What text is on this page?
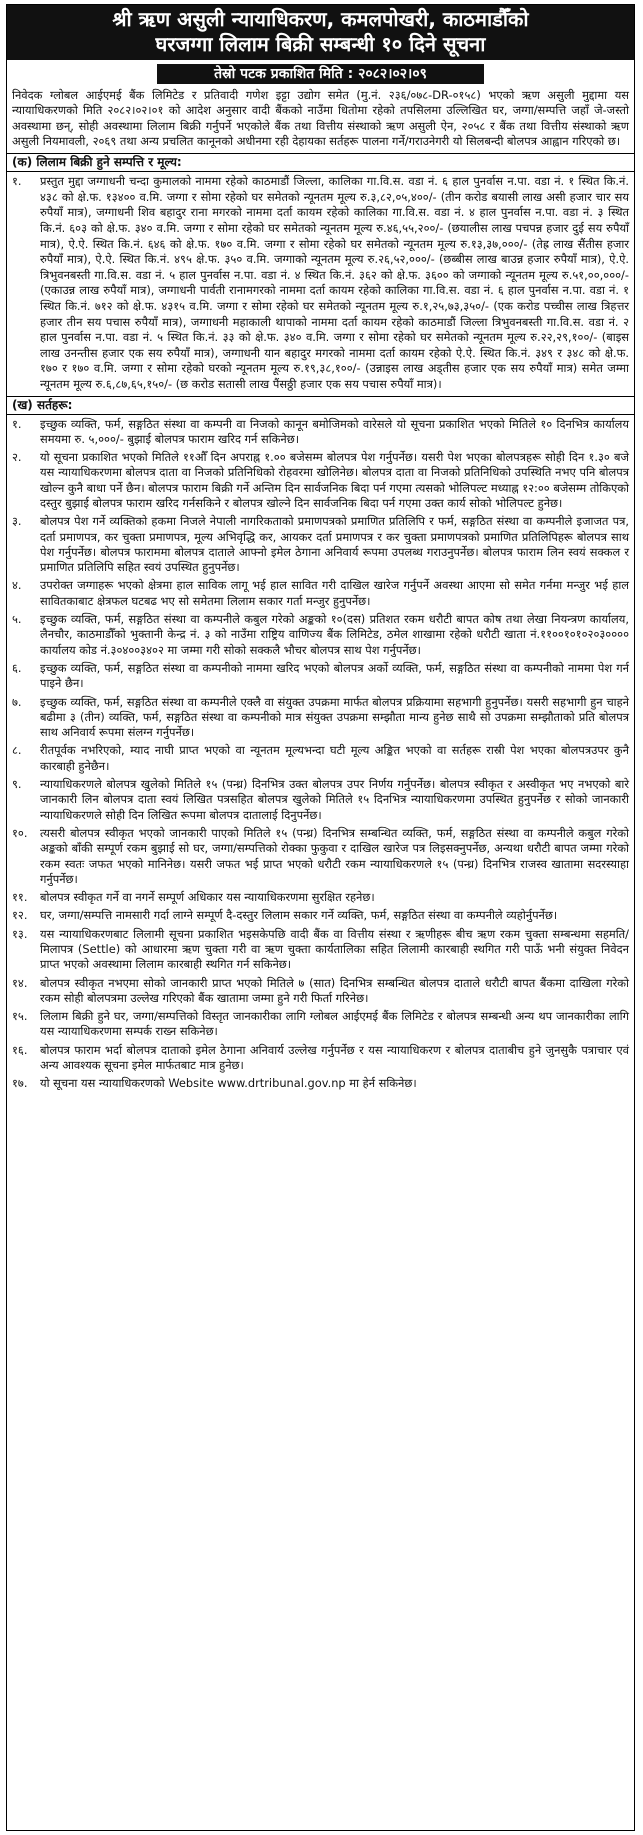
श्री ऋण असुली न्यायाधिकरण, कमलपोखरी, काठमाडौँको
घरजग्गा लिलाम बिक्री सम्बन्धी १० दिने सूचना
तेस्रो पटक प्रकाशित मिति : २०८२।०२।०९
निवेदक ग्लोबल आईएमई बैंक लिमिटेड र प्रतिवादी गणेश इट्टा उद्योग समेत (मु.नं. २३६/०७८-DR-०१५८) भएको ऋण असुली मुद्दामा यस न्यायाधिकरणको मिति २०८२।०२।०१ को आदेश अनुसार वादी बैंकको नाउँमा धितोमा रहेको तपसिलमा उल्लिखित घर, जग्गा/सम्पत्ति जहाँ जे-जस्तो अवस्थामा छन्, सोही अवस्थामा लिलाम बिक्री गर्नुपर्ने भएकोले बैंक तथा वित्तीय संस्थाको ऋण असुली ऐन, २०५८ र बैंक तथा वित्तीय संस्थाको ऋण असुली नियमावली, २०६९ तथा अन्य प्रचलित कानूनको अधीनमा रही देहायका सर्तहरू पालना गर्ने/गराउनेगरी यो सिलबन्दी बोलपत्र आह्वान गरिएको छ।
(क) लिलाम बिक्री हुने सम्पत्ति र मूल्य:
१.	प्रस्तुत मुद्दा जग्गाधनी चन्दा कुमालको नाममा रहेको काठमाडौं जिल्ला, कालिका गा.वि.स. वडा नं. ६ हाल पुनर्वास न.पा. वडा नं. १ स्थित कि.नं. ४३८ को क्षे.फ. १३४०० व.मि. जग्गा र सोमा रहेको घर समेतको न्यूनतम मूल्य रु.३,८२,०५,४००/- (तीन करोड बयासी लाख असी हजार चार सय रुपैयाँ मात्र), जग्गाधनी शिव बहादुर राना मगरको नाममा दर्ता कायम रहेको कालिका गा.वि.स. वडा नं. ४ हाल पुनर्वास न.पा. वडा नं. ३ स्थित कि.नं. ६०३ को क्षे.फ. ३४० व.मि. जग्गा र सोमा रहेको घर समेतको न्यूनतम मूल्य रु.४६,५५,२००/- (छयालीस लाख पचपन्न हजार दुई सय रुपैयाँ मात्र), ऐ.ऐ. स्थित कि.नं. ६४६ को क्षे.फ. १७० व.मि. जग्गा र सोमा रहेको घर समेतको न्यूनतम मूल्य रु.१३,३७,०००/- (तेह्र लाख सैंतीस हजार रुपैयाँ मात्र), ऐ.ऐ. स्थित कि.नं. ४९५ क्षे.फ. ३५० व.मि. जग्गाको न्यूनतम मूल्य रु.२६,५२,०००/- (छब्बीस लाख बाउन्न हजार रुपैयाँ मात्र), ऐ.ऐ. त्रिभुवनबस्ती गा.वि.स. वडा नं. ५ हाल पुनर्वास न.पा. वडा नं. ४ स्थित कि.नं. ३६२ को क्षे.फ. ३६०० को जग्गाको न्यूनतम मूल्य रु.५१,००,०००/- (एकाउन्न लाख रुपैयाँ मात्र), जग्गाधनी पार्वती रानामगरको नाममा दर्ता कायम रहेको कालिका गा.वि.स. वडा नं. ६ हाल पुनर्वास न.पा. वडा नं. १ स्थित कि.नं. ७१२ को क्षे.फ. ४३१५ व.मि. जग्गा र सोमा रहेको घर समेतको न्यूनतम मूल्य रु.१,२५,७३,३५०/- (एक करोड पच्चीस लाख त्रिहत्तर हजार तीन सय पचास रुपैयाँ मात्र), जग्गाधनी महाकाली थापाको नाममा दर्ता कायम रहेको काठमाडौं जिल्ला त्रिभुवनबस्ती गा.वि.स. वडा नं. २ हाल पुनर्वास न.पा. वडा नं. ५ स्थित कि.नं. ३३ को क्षे.फ. ३४० व.मि. जग्गा र सोमा रहेको घर समेतको न्यूनतम मूल्य रु.२२,२९,१००/- (बाइस लाख उनन्तीस हजार एक सय रुपैयाँ मात्र), जग्गाधनी यान बहादुर मगरको नाममा दर्ता कायम रहेको ऐ.ऐ. स्थित कि.नं. ३४९ र ३४८ को क्षे.फ. १७० र १७० व.मि. जग्गा र सोमा रहेको घरको न्यूनतम मूल्य रु.१९,३८,१००/- (उन्नाइस लाख अड्तीस हजार एक सय रुपैयाँ मात्र) समेत जम्मा न्यूनतम मूल्य रु.६,८७,६५,१५०/- (छ करोड सतासी लाख पैंसठ्ठी हजार एक सय पचास रुपैयाँ मात्र)।
(ख) सर्तहरू:
१.	इच्छुक व्यक्ति, फर्म, सङ्गठित संस्था वा कम्पनी वा निजको कानून बमोजिमको वारेसले यो सूचना प्रकाशित भएको मितिले १० दिनभित्र कार्यालय समयमा रु. ५,०००/- बुझाई बोलपत्र फाराम खरिद गर्न सकिनेछ।
२.	यो सूचना प्रकाशित भएको मितिले ११औँ दिन अपराह्न १.०० बजेसम्म बोलपत्र पेश गर्नुपर्नेछ। यसरी पेश भएका बोलपत्रहरू सोही दिन १.३० बजे यस न्यायाधिकरणमा बोलपत्र दाता वा निजको प्रतिनिधिको रोहवरमा खोलिनेछ। बोलपत्र दाता वा निजको प्रतिनिधिको उपस्थिति नभए पनि बोलपत्र खोल्न कुनै बाधा पर्ने छैन। बोलपत्र फाराम बिक्री गर्ने अन्तिम दिन सार्वजनिक बिदा पर्न गएमा त्यसको भोलिपल्ट मध्याह्न १२:०० बजेसम्म तोकिएको दस्तुर बुझाई बोलपत्र फाराम खरिद गर्नसकिने र बोलपत्र खोल्ने दिन सार्वजनिक बिदा पर्न गएमा उक्त कार्य सोको भोलिपल्ट हुनेछ।
३.	बोलपत्र पेश गर्ने व्यक्तिको हकमा निजले नेपाली नागरिकताको प्रमाणपत्रको प्रमाणित प्रतिलिपि र फर्म, सङ्गठित संस्था वा कम्पनीले इजाजत पत्र, दर्ता प्रमाणपत्र, कर चुक्ता प्रमाणपत्र, मूल्य अभिवृद्धि कर, आयकर दर्ता प्रमाणपत्र र कर चुक्ता प्रमाणपत्रको प्रमाणित प्रतिलिपिहरू बोलपत्र साथ पेश गर्नुपर्नेछ। बोलपत्र फाराममा बोलपत्र दाताले आफ्नो इमेल ठेगाना अनिवार्य रूपमा उपलब्ध गराउनुपर्नेछ। बोलपत्र फाराम लिन स्वयं सक्कल र प्रमाणित प्रतिलिपि सहित स्वयं उपस्थित हुनुपर्नेछ।
४.	उपरोक्त जग्गाहरू भएको क्षेत्रमा हाल साविक लागू भई हाल सावित गरी दाखिल खारेज गर्नुपर्ने अवस्था आएमा सो समेत गर्नमा मन्जुर भई हाल सावितकाबाट क्षेत्रफल घटबढ भए सो समेतमा लिलाम सकार गर्ता मन्जुर हुनुपर्नेछ।
५.	इच्छुक व्यक्ति, फर्म, सङ्गठित संस्था वा कम्पनीले कबुल गरेको अङ्कको १०(दस) प्रतिशत रकम धरौटी बापत कोष तथा लेखा नियन्त्रण कार्यालय, लैनचौर, काठमाडौँको भुक्तानी केन्द्र नं. ३ को नाउँमा राष्ट्रिय वाणिज्य बैंक लिमिटेड, ठमेल शाखामा रहेको धरौटी खाता नं.११००१०१०२०३०००० कार्यालय कोड नं.३०४००३४०२ मा जम्मा गरी सोको सक्कलै भौचर बोलपत्र साथ पेश गर्नुपर्नेछ।
६.	इच्छुक व्यक्ति, फर्म, सङ्गठित संस्था वा कम्पनीको नाममा खरिद भएको बोलपत्र अर्को व्यक्ति, फर्म, सङ्गठित संस्था वा कम्पनीको नाममा पेश गर्न पाइने छैन।
७.	इच्छुक व्यक्ति, फर्म, सङ्गठित संस्था वा कम्पनीले एक्लै वा संयुक्त उपक्रमा मार्फत बोलपत्र प्रक्रियामा सहभागी हुनुपर्नेछ। यसरी सहभागी हुन चाहने बढीमा ३ (तीन) व्यक्ति, फर्म, सङ्गठित संस्था वा कम्पनीको मात्र संयुक्त उपक्रमा सम्झौता मान्य हुनेछ साथै सो उपक्रमा सम्झौताको प्रति बोलपत्र साथ अनिवार्य रूपमा संलग्न गर्नुपर्नेछ।
८.	रीतपूर्वक नभरिएको, म्याद नाघी प्राप्त भएको वा न्यूनतम मूल्यभन्दा घटी मूल्य अङ्कित भएको वा सर्तहरू रास्री पेश भएका बोलपत्रउपर कुनै कारबाही हुनेछैन।
९.	न्यायाधिकरणले बोलपत्र खुलेको मितिले १५ (पन्ध्र) दिनभित्र उक्त बोलपत्र उपर निर्णय गर्नुपर्नेछ। बोलपत्र स्वीकृत र अस्वीकृत भए नभएको बारे जानकारी लिन बोलपत्र दाता स्वयं लिखित पत्रसहित बोलपत्र खुलेको मितिले १५ दिनभित्र न्यायाधिकरणमा उपस्थित हुनुपर्नेछ र सोको जानकारी न्यायाधिकरणले सोही दिन लिखित रूपमा बोलपत्र दातालाई दिनुपर्नेछ।
१०.	त्यसरी बोलपत्र स्वीकृत भएको जानकारी पाएको मितिले १५ (पन्ध्र) दिनभित्र सम्बन्धित व्यक्ति, फर्म, सङ्गठित संस्था वा कम्पनीले कबुल गरेको अङ्कको बाँकी सम्पूर्ण रकम बुझाई सो घर, जग्गा/सम्पत्तिको रोक्का फुकुवा र दाखिल खारेज पत्र लिइसक्नुपर्नेछ, अन्यथा धरौटी बापत जम्मा गरेको रकम स्वतः जफत भएको मानिनेछ। यसरी जफत भई प्राप्त भएको धरौटी रकम न्यायाधिकरणले १५ (पन्ध्र) दिनभित्र राजस्व खातामा सदरस्याहा गर्नुपर्नेछ।
११.	बोलपत्र स्वीकृत गर्ने वा नगर्ने सम्पूर्ण अधिकार यस न्यायाधिकरणमा सुरक्षित रहनेछ।
१२.	घर, जग्गा/सम्पत्ति नामसारी गर्दा लाग्ने सम्पूर्ण दै-दस्तुर लिलाम सकार गर्ने व्यक्ति, फर्म, सङ्गठित संस्था वा कम्पनीले व्यहोर्नुपर्नेछ।
१३.	यस न्यायाधिकरणबाट लिलामी सूचना प्रकाशित भइसकेपछि वादी बैंक वा वित्तीय संस्था र ऋणीहरू बीच ऋण रकम चुक्ता सम्बन्धमा सहमति/मिलापत्र (Settle) को आधारमा ऋण चुक्ता गरी वा ऋण चुक्ता कार्यतालिका सहित लिलामी कारबाही स्थगित गरी पाऊँ भनी संयुक्त निवेदन प्राप्त भएको अवस्थामा लिलाम कारबाही स्थगित गर्न सकिनेछ।
१४.	बोलपत्र स्वीकृत नभएमा सोको जानकारी प्राप्त भएको मितिले ७ (सात) दिनभित्र सम्बन्धित बोलपत्र दाताले धरौटी बापत बैंकमा दाखिला गरेको रकम सोही बोलपत्रमा उल्लेख गरिएको बैंक खातामा जम्मा हुने गरी फिर्ता गरिनेछ।
१५.	लिलाम बिक्री हुने घर, जग्गा/सम्पत्तिको विस्तृत जानकारीका लागि ग्लोबल आईएमई बैंक लिमिटेड र बोलपत्र सम्बन्धी अन्य थप जानकारीका लागि यस न्यायाधिकरणमा सम्पर्क राख्न सकिनेछ।
१६.	बोलपत्र फाराम भर्दा बोलपत्र दाताको इमेल ठेगाना अनिवार्य उल्लेख गर्नुपर्नेछ र यस न्यायाधिकरण र बोलपत्र दाताबीच हुने जुनसुकै पत्राचार एवं अन्य आवश्यक सूचना इमेल मार्फतबाट मात्र हुनेछ।
१७.	यो सूचना यस न्यायाधिकरणको Website www.drtribunal.gov.np मा हेर्न सकिनेछ।
